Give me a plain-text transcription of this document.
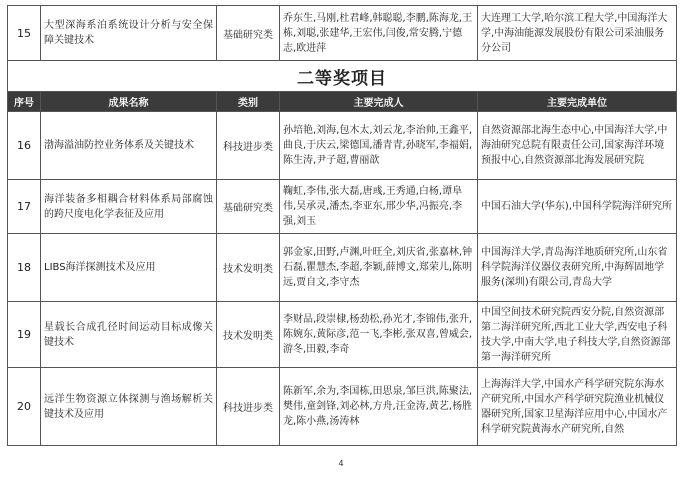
15	大型深海系泊系统设计分析与安全保障关键技术	基础研究类	乔东生,马刚,杜君峰,韩聪聪,李鹏,陈海龙,王栋,刘聪,张建华,王宏伟,闫俊,常安腾,宁德志,欧进萍	大连理工大学,哈尔滨工程大学,中国海洋大学,中海油能源发展股份有限公司采油服务分公司
二等奖项目				
序号	成果名称	类别	主要完成人	主要完成单位
16	渤海溢油防控业务体系及关键技术	科技进步类	孙培艳,刘海,包木太,刘云龙,李治帅,王鑫平,曲良,于庆云,梁德国,潘青青,孙晓军,李福娟,陈生涛,尹子超,曹丽歆	自然资源部北海生态中心,中国海洋大学,中海油研究总院有限责任公司,国家海洋环境预报中心,自然资源部北海发展研究院
17	海洋装备多相耦合材料体系局部腐蚀的跨尺度电化学表征及应用	基础研究类	鞠虹,李伟,张大磊,唐彧,王秀通,白杨,谭阜伟,吴承灵,潘杰,李亚东,邢少华,冯振亮,李强,刘玉	中国石油大学(华东),中国科学院海洋研究所
18	LIBS海洋探测技术及应用	技术发明类	郭金家,田野,卢渊,叶旺全,刘庆省,张嘉林,钟石磊,瞿慧杰,李超,李颖,薛博文,郑荣儿,陈明远,贾自文,李守杰	中国海洋大学,青岛海洋地质研究所,山东省科学院海洋仪器仪表研究所,中海辉固地学服务(深圳)有限公司,青岛大学
19	星载长合成孔径时间运动目标成像关键技术	技术发明类	李财品,段崇棣,杨劲松,孙光才,李锦伟,张升,陈婉东,黄际彦,范一飞,李彬,张双喜,曾威会,游冬,田毅,李奇	中国空间技术研究院西安分院,自然资源部第二海洋研究所,西北工业大学,西安电子科技大学,中南大学,电子科技大学,自然资源部第一海洋研究所
20	远洋生物资源立体探测与渔场解析关键技术及应用	科技进步类	陈新军,余为,李国栋,田思泉,邹巨洪,陈聚法,樊伟,童剑锋,刘必林,方舟,汪金涛,黄艺,杨胜龙,陈小燕,汤涛林	上海海洋大学,中国水产科学研究院东海水产研究所,中国水产科学研究院渔业机械仪器研究所,国家卫星海洋应用中心,中国水产科学研究院黄海水产研究所,自然
4
